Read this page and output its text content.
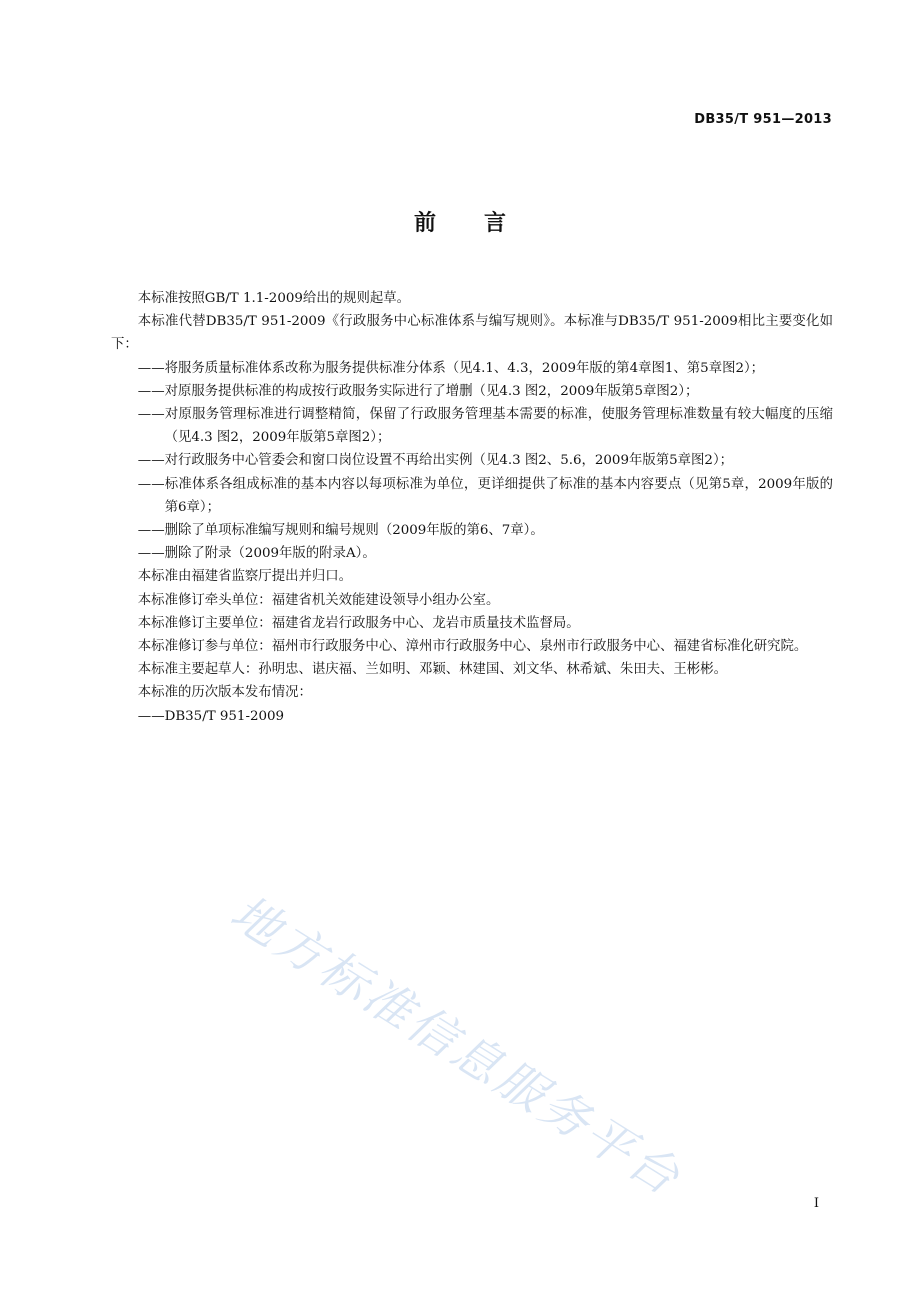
DB35/T 951—2013
前言

本标准按照GB/T 1.1-2009给出的规则起草。

本标准代替DB35/T 951-2009《行政服务中心标准体系与编写规则》。本标准与DB35/T 951-2009相比主要变化如下：

——将服务质量标准体系改称为服务提供标准分体系（见4.1、4.3，2009年版的第4章图1、第5章图2）；

——对原服务提供标准的构成按行政服务实际进行了增删（见4.3 图2，2009年版第5章图2）；

——对原服务管理标准进行调整精简，保留了行政服务管理基本需要的标准，使服务管理标准数量有较大幅度的压缩（见4.3 图2，2009年版第5章图2）；

——对行政服务中心管委会和窗口岗位设置不再给出实例（见4.3 图2、5.6，2009年版第5章图2）；

——标准体系各组成标准的基本内容以每项标准为单位，更详细提供了标准的基本内容要点（见第5章，2009年版的第6章）；

——删除了单项标准编写规则和编号规则（2009年版的第6、7章）。

——删除了附录（2009年版的附录A）。

本标准由福建省监察厅提出并归口。

本标准修订牵头单位：福建省机关效能建设领导小组办公室。

本标准修订主要单位：福建省龙岩行政服务中心、龙岩市质量技术监督局。

本标准修订参与单位：福州市行政服务中心、漳州市行政服务中心、泉州市行政服务中心、福建省标准化研究院。

本标准主要起草人：孙明忠、谌庆福、兰如明、邓颖、林建国、刘文华、林希斌、朱田夫、王彬彬。

本标准的历次版本发布情况：

——DB35/T 951-2009

地方标准信息服务平台	I
